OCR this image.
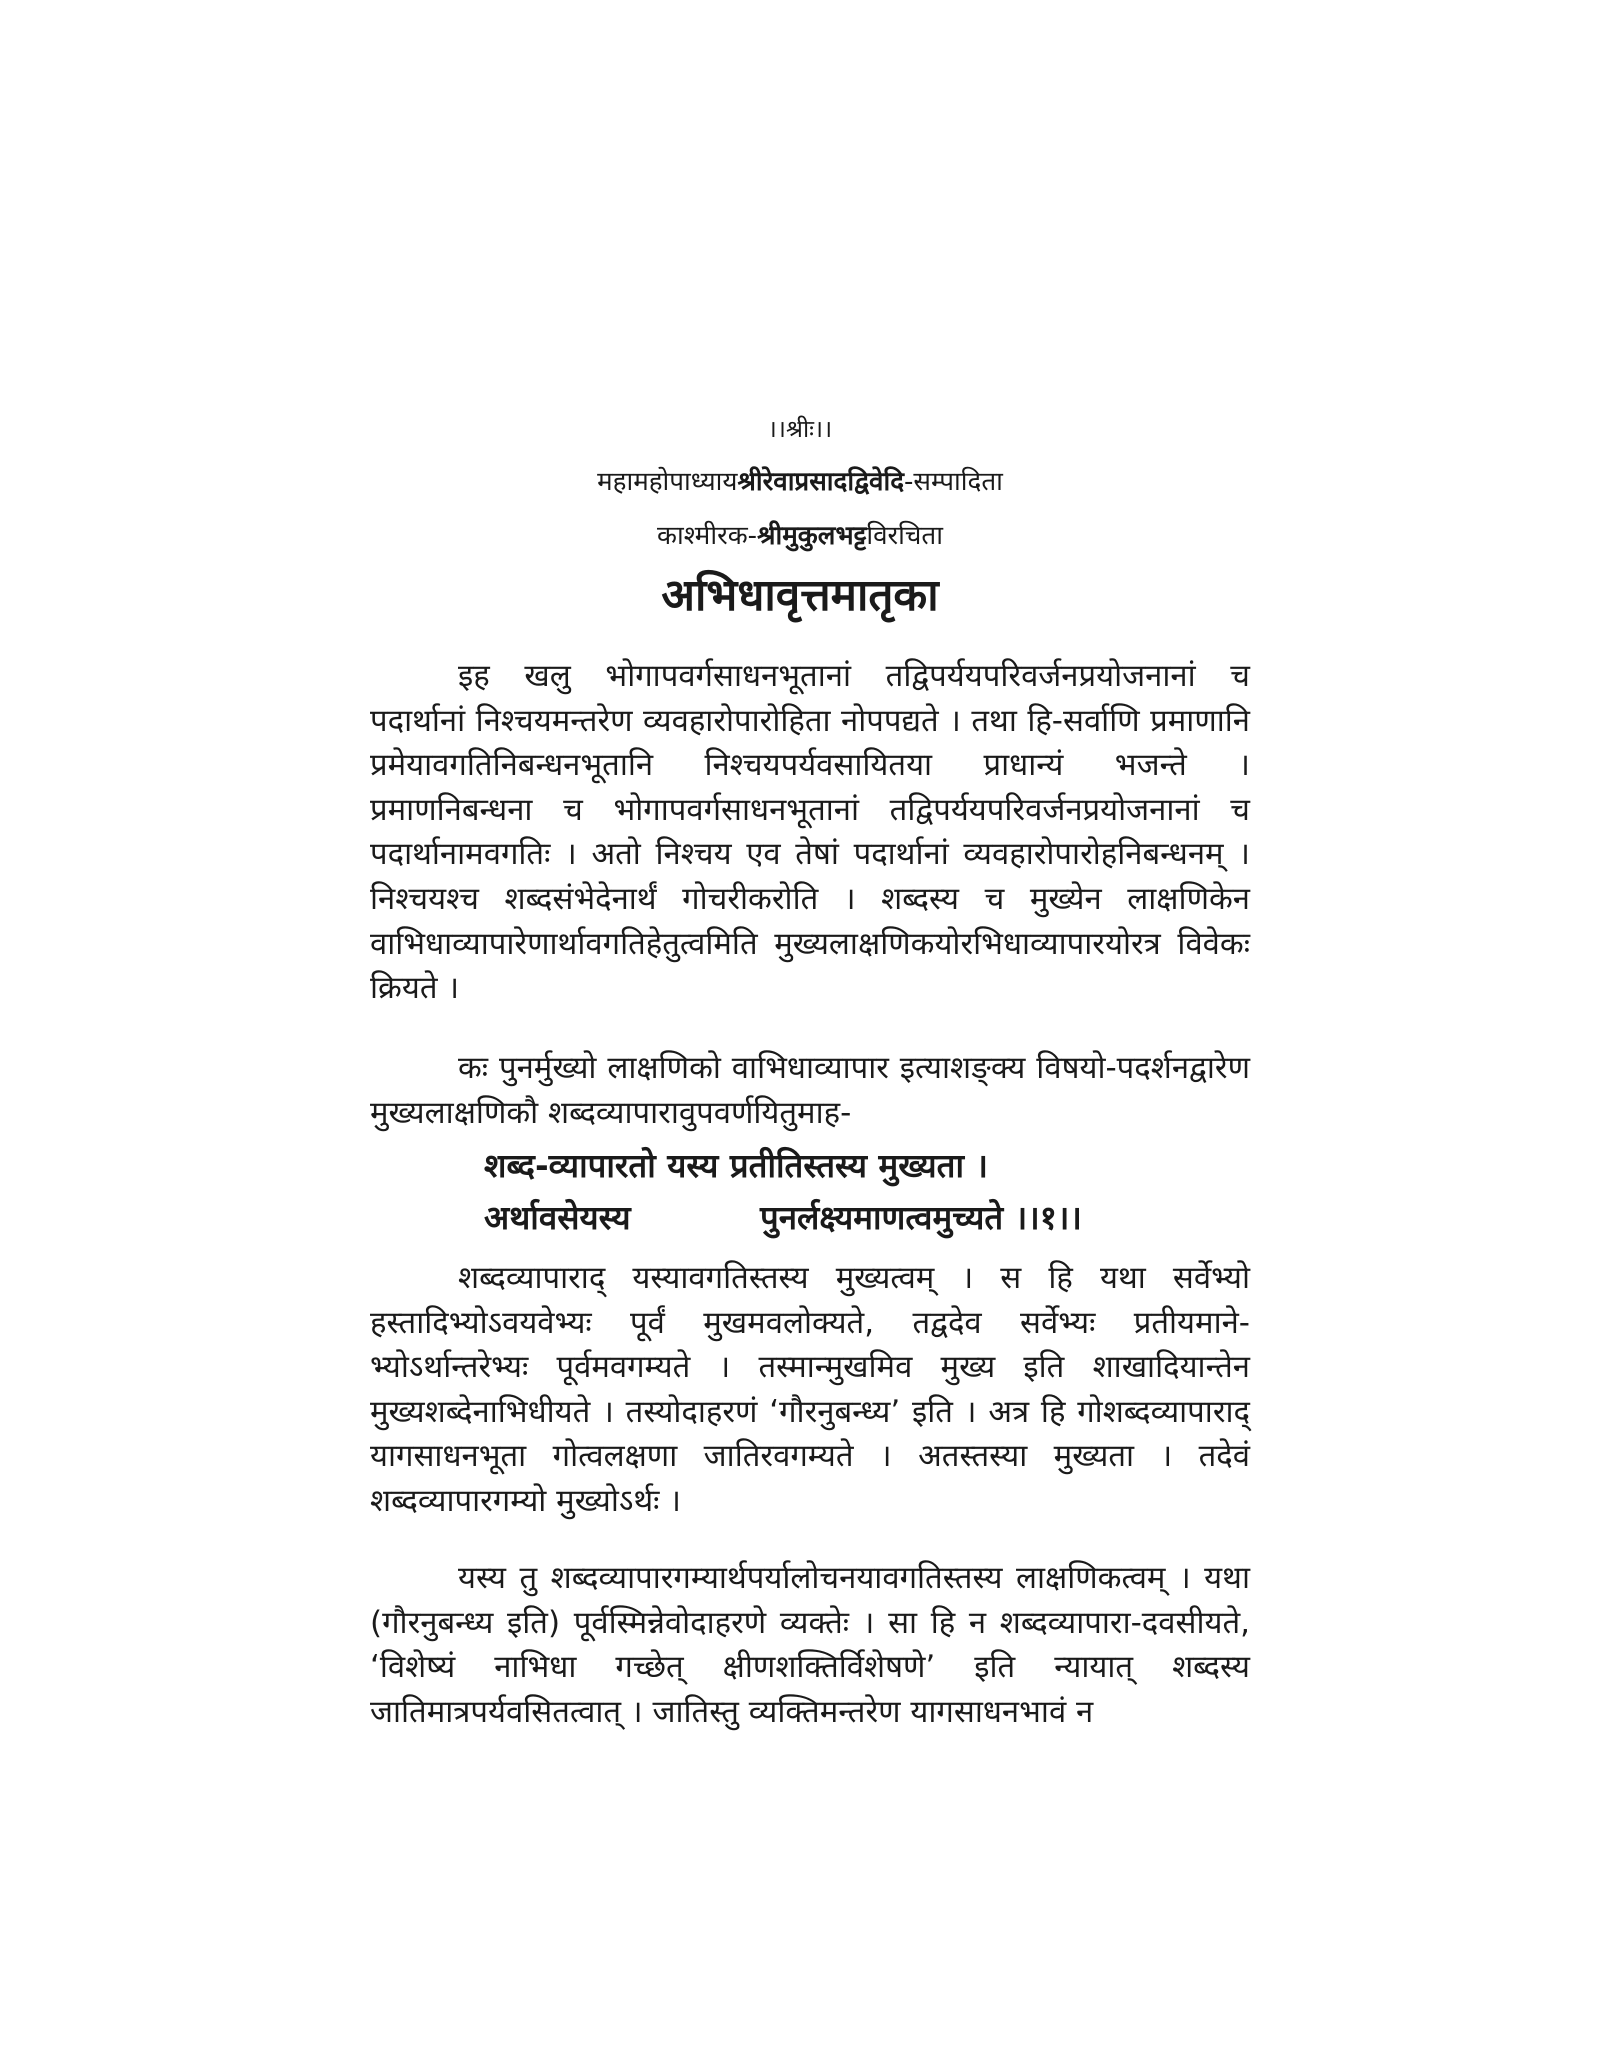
।।श्रीः।।
महामहोपाध्यायश्रीरेवाप्रसादद्विवेदि-सम्पादिता
काश्मीरक-श्रीमुकुलभट्टविरचिता
अभिधावृत्तमातृका

इह खलु भोगापवर्गसाधनभूतानां तद्विपर्ययपरिवर्जनप्रयोजनानां च पदार्थानां निश्चयमन्तरेण व्यवहारोपारोहिता नोपपद्यते । तथा हि-सर्वाणि प्रमाणानि प्रमेयावगतिनिबन्धनभूतानि निश्चयपर्यवसायितया प्राधान्यं भजन्ते । प्रमाणनिबन्धना च भोगापवर्गसाधनभूतानां तद्विपर्ययपरिवर्जनप्रयोजनानां च पदार्थानामवगतिः । अतो निश्चय एव तेषां पदार्थानां व्यवहारोपारोहनिबन्धनम् । निश्चयश्च शब्दसंभेदेनार्थं गोचरीकरोति । शब्दस्य च मुख्येन लाक्षणिकेन वाभिधाव्यापारेणार्थावगतिहेतुत्वमिति मुख्यलाक्षणिकयोरभिधाव्यापारयोरत्र विवेकः क्रियते ।

कः पुनर्मुख्यो लाक्षणिको वाभिधाव्यापार इत्याशङ्क्य विषयो-पदर्शनद्वारेण मुख्यलाक्षणिकौ शब्दव्यापारावुपवर्णयितुमाह-

शब्द-व्यापारतो यस्य प्रतीतिस्तस्य मुख्यता ।
अर्थावसेयस्य	पुनर्लक्ष्यमाणत्वमुच्यते ।।१।।

शब्दव्यापाराद् यस्यावगतिस्तस्य मुख्यत्वम् । स हि यथा सर्वेभ्यो हस्तादिभ्योऽवयवेभ्यः पूर्वं मुखमवलोक्यते, तद्वदेव सर्वेभ्यः प्रतीयमाने-भ्योऽर्थान्तरेभ्यः पूर्वमवगम्यते । तस्मान्मुखमिव मुख्य इति शाखादियान्तेन मुख्यशब्देनाभिधीयते । तस्योदाहरणं ‘गौरनुबन्ध्य’ इति । अत्र हि गोशब्दव्यापाराद् यागसाधनभूता गोत्वलक्षणा जातिरवगम्यते । अतस्तस्या मुख्यता । तदेवं शब्दव्यापारगम्यो मुख्योऽर्थः ।

यस्य तु शब्दव्यापारगम्यार्थपर्यालोचनयावगतिस्तस्य लाक्षणिकत्वम् । यथा (गौरनुबन्ध्य इति) पूर्वस्मिन्नेवोदाहरणे व्यक्तेः । सा हि न शब्दव्यापारा-दवसीयते, ‘विशेष्यं नाभिधा गच्छेत् क्षीणशक्तिर्विशेषणे’ इति न्यायात् शब्दस्य जातिमात्रपर्यवसितत्वात् । जातिस्तु व्यक्तिमन्तरेण यागसाधनभावं न
